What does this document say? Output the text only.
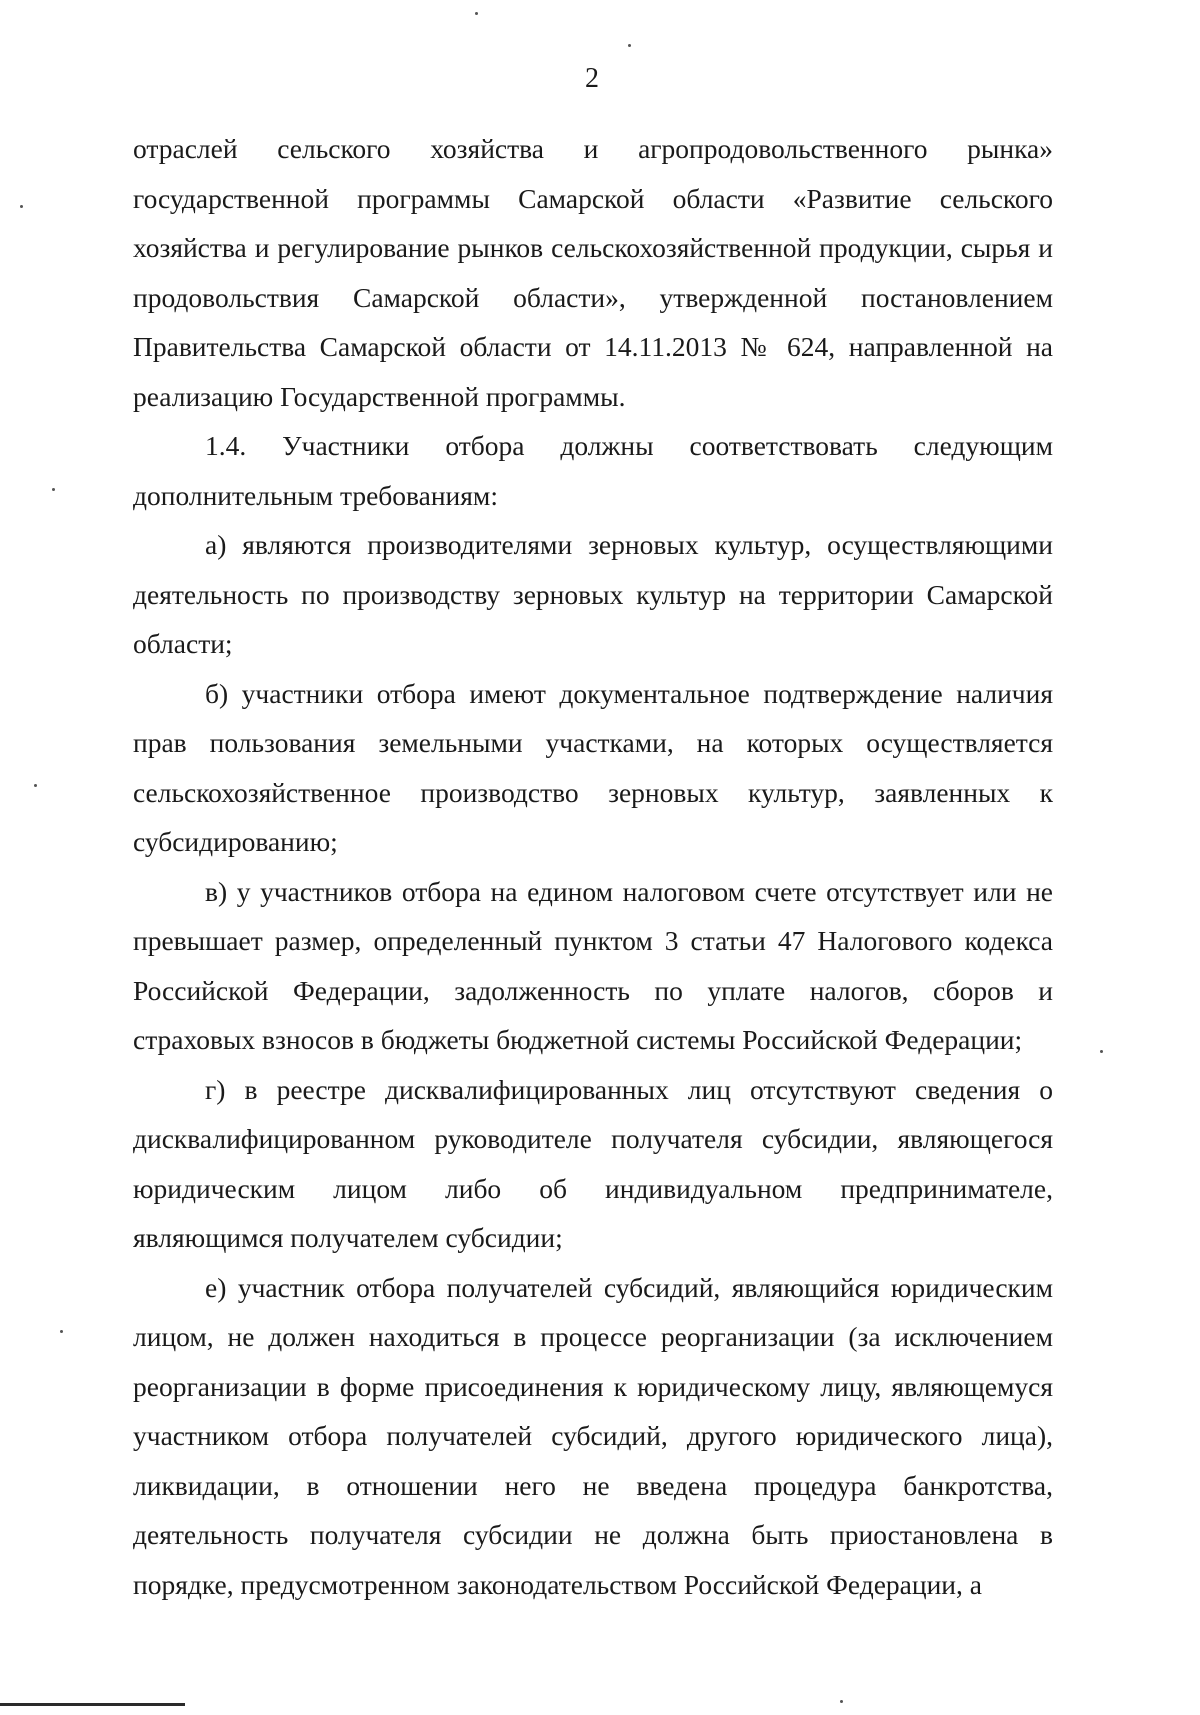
2

отраслей сельского хозяйства и агропродовольственного рынка» государственной программы Самарской области «Развитие сельского хозяйства и регулирование рынков сельскохозяйственной продукции, сырья и продовольствия Самарской области», утвержденной постановлением Правительства Самарской области от 14.11.2013 № 624, направленной на реализацию Государственной программы.

1.4. Участники отбора должны соответствовать следующим дополнительным требованиям:

а) являются производителями зерновых культур, осуществляющими деятельность по производству зерновых культур на территории Самарской области;

б) участники отбора имеют документальное подтверждение наличия прав пользования земельными участками, на которых осуществляется сельскохозяйственное производство зерновых культур, заявленных к субсидированию;

в) у участников отбора на едином налоговом счете отсутствует или не превышает размер, определенный пунктом 3 статьи 47 Налогового кодекса Российской Федерации, задолженность по уплате налогов, сборов и страховых взносов в бюджеты бюджетной системы Российской Федерации;

г) в реестре дисквалифицированных лиц отсутствуют сведения о дисквалифицированном руководителе получателя субсидии, являющегося юридическим лицом либо об индивидуальном предпринимателе, являющимся получателем субсидии;

е) участник отбора получателей субсидий, являющийся юридическим лицом, не должен находиться в процессе реорганизации (за исключением реорганизации в форме присоединения к юридическому лицу, являющемуся участником отбора получателей субсидий, другого юридического лица), ликвидации, в отношении него не введена процедура банкротства, деятельность получателя субсидии не должна быть приостановлена в порядке, предусмотренном законодательством Российской Федерации, а
